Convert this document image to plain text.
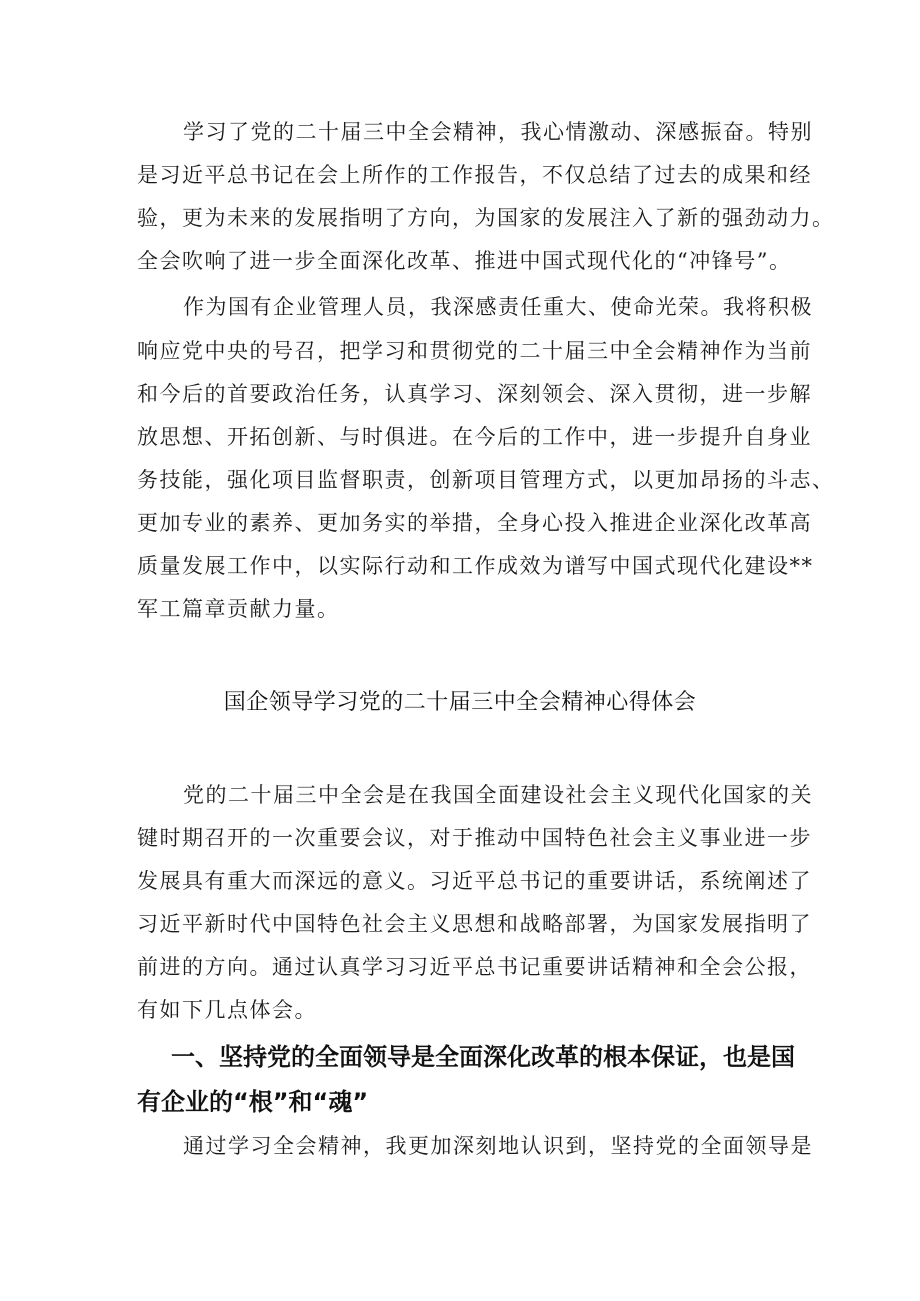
学习了党的二十届三中全会精神，我心情激动、深感振奋。特别
是习近平总书记在会上所作的工作报告，不仅总结了过去的成果和经
验，更为未来的发展指明了方向，为国家的发展注入了新的强劲动力。
全会吹响了进一步全面深化改革、推进中国式现代化的“冲锋号”。
作为国有企业管理人员，我深感责任重大、使命光荣。我将积极
响应党中央的号召，把学习和贯彻党的二十届三中全会精神作为当前
和今后的首要政治任务，认真学习、深刻领会、深入贯彻，进一步解
放思想、开拓创新、与时俱进。在今后的工作中，进一步提升自身业
务技能，强化项目监督职责，创新项目管理方式，以更加昂扬的斗志、
更加专业的素养、更加务实的举措，全身心投入推进企业深化改革高
质量发展工作中，以实际行动和工作成效为谱写中国式现代化建设**
军工篇章贡献力量。
国企领导学习党的二十届三中全会精神心得体会
党的二十届三中全会是在我国全面建设社会主义现代化国家的关
键时期召开的一次重要会议，对于推动中国特色社会主义事业进一步
发展具有重大而深远的意义。习近平总书记的重要讲话，系统阐述了
习近平新时代中国特色社会主义思想和战略部署，为国家发展指明了
前进的方向。通过认真学习习近平总书记重要讲话精神和全会公报，
有如下几点体会。
一、坚持党的全面领导是全面深化改革的根本保证，也是国
有企业的“根”和“魂”
通过学习全会精神，我更加深刻地认识到，坚持党的全面领导是
